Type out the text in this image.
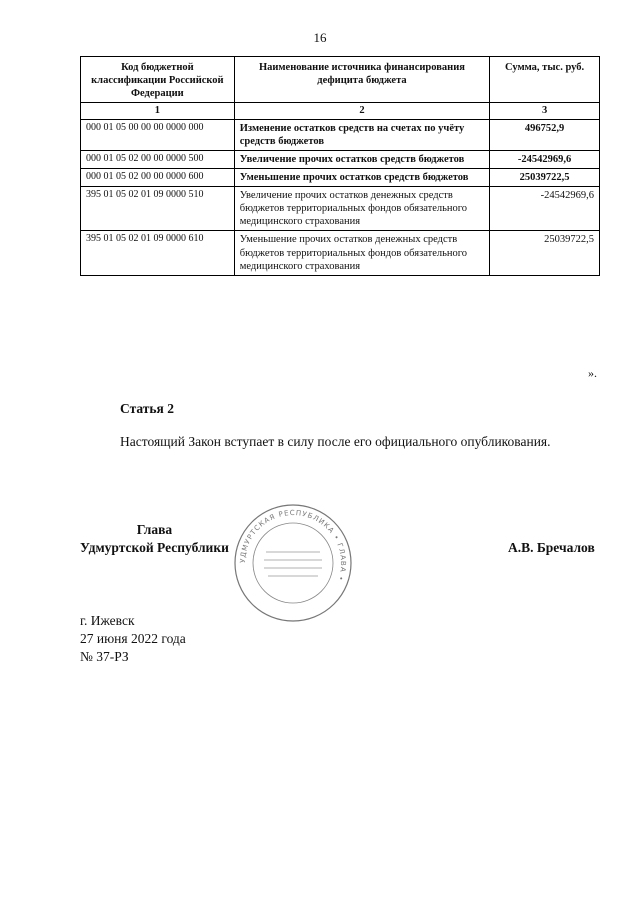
16
Код бюджетной классификации Российской Федерации	Наименование источника финансирования дефицита бюджета	Сумма, тыс. руб.
1	2	3
000 01 05 00 00 00 0000 000	Изменение остатков средств на счетах по учёту средств бюджетов	496752,9
000 01 05 02 00 00 0000 500	Увеличение прочих остатков средств бюджетов	-24542969,6
000 01 05 02 00 00 0000 600	Уменьшение прочих остатков средств бюджетов	25039722,5
395 01 05 02 01 09 0000 510	Увеличение прочих остатков денежных средств бюджетов территориальных фондов обязательного медицинского страхования	-24542969,6
395 01 05 02 01 09 0000 610	Уменьшение прочих остатков денежных средств бюджетов территориальных фондов обязательного медицинского страхования	25039722,5
».
Статья 2
Настоящий Закон вступает в силу после его официального опубликования.
Глава
Удмуртской Республики
УДМУРТСКАЯ РЕСПУБЛИКА • ГЛАВА •
А.В. Бречалов
г. Ижевск
27 июня 2022 года
№ 37-РЗ
